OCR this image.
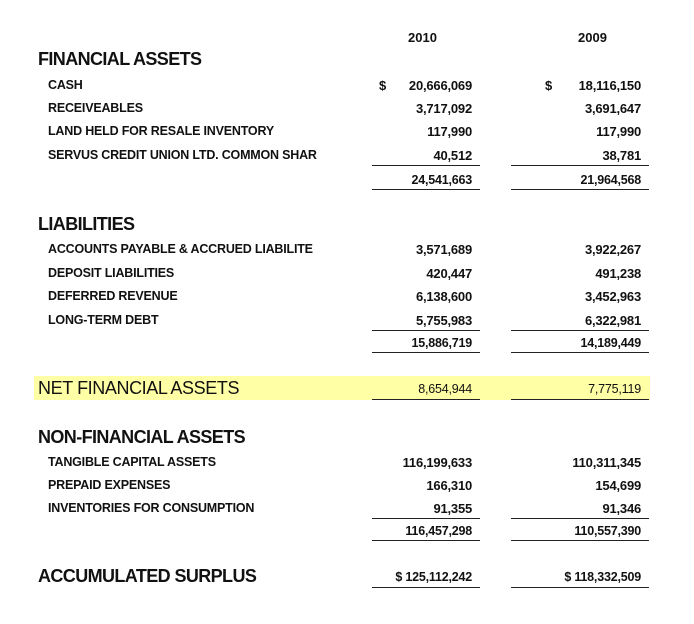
2010	2009
FINANCIAL ASSETS
CASH	$	20,666,069	$	18,116,150
RECEIVEABLES	3,717,092	3,691,647
LAND HELD FOR RESALE INVENTORY	117,990	117,990
SERVUS CREDIT UNION LTD. COMMON SHAR	40,512	38,781
24,541,663	21,964,568
LIABILITIES
ACCOUNTS PAYABLE & ACCRUED LIABILITE	3,571,689	3,922,267
DEPOSIT LIABILITIES	420,447	491,238
DEFERRED REVENUE	6,138,600	3,452,963
LONG-TERM DEBT	5,755,983	6,322,981
15,886,719	14,189,449
NET FINANCIAL ASSETS	8,654,944	7,775,119
NON-FINANCIAL ASSETS
TANGIBLE CAPITAL ASSETS	116,199,633	110,311,345
PREPAID EXPENSES	166,310	154,699
INVENTORIES FOR CONSUMPTION	91,355	91,346
116,457,298	110,557,390
ACCUMULATED SURPLUS	$ 125,112,242	$ 118,332,509
